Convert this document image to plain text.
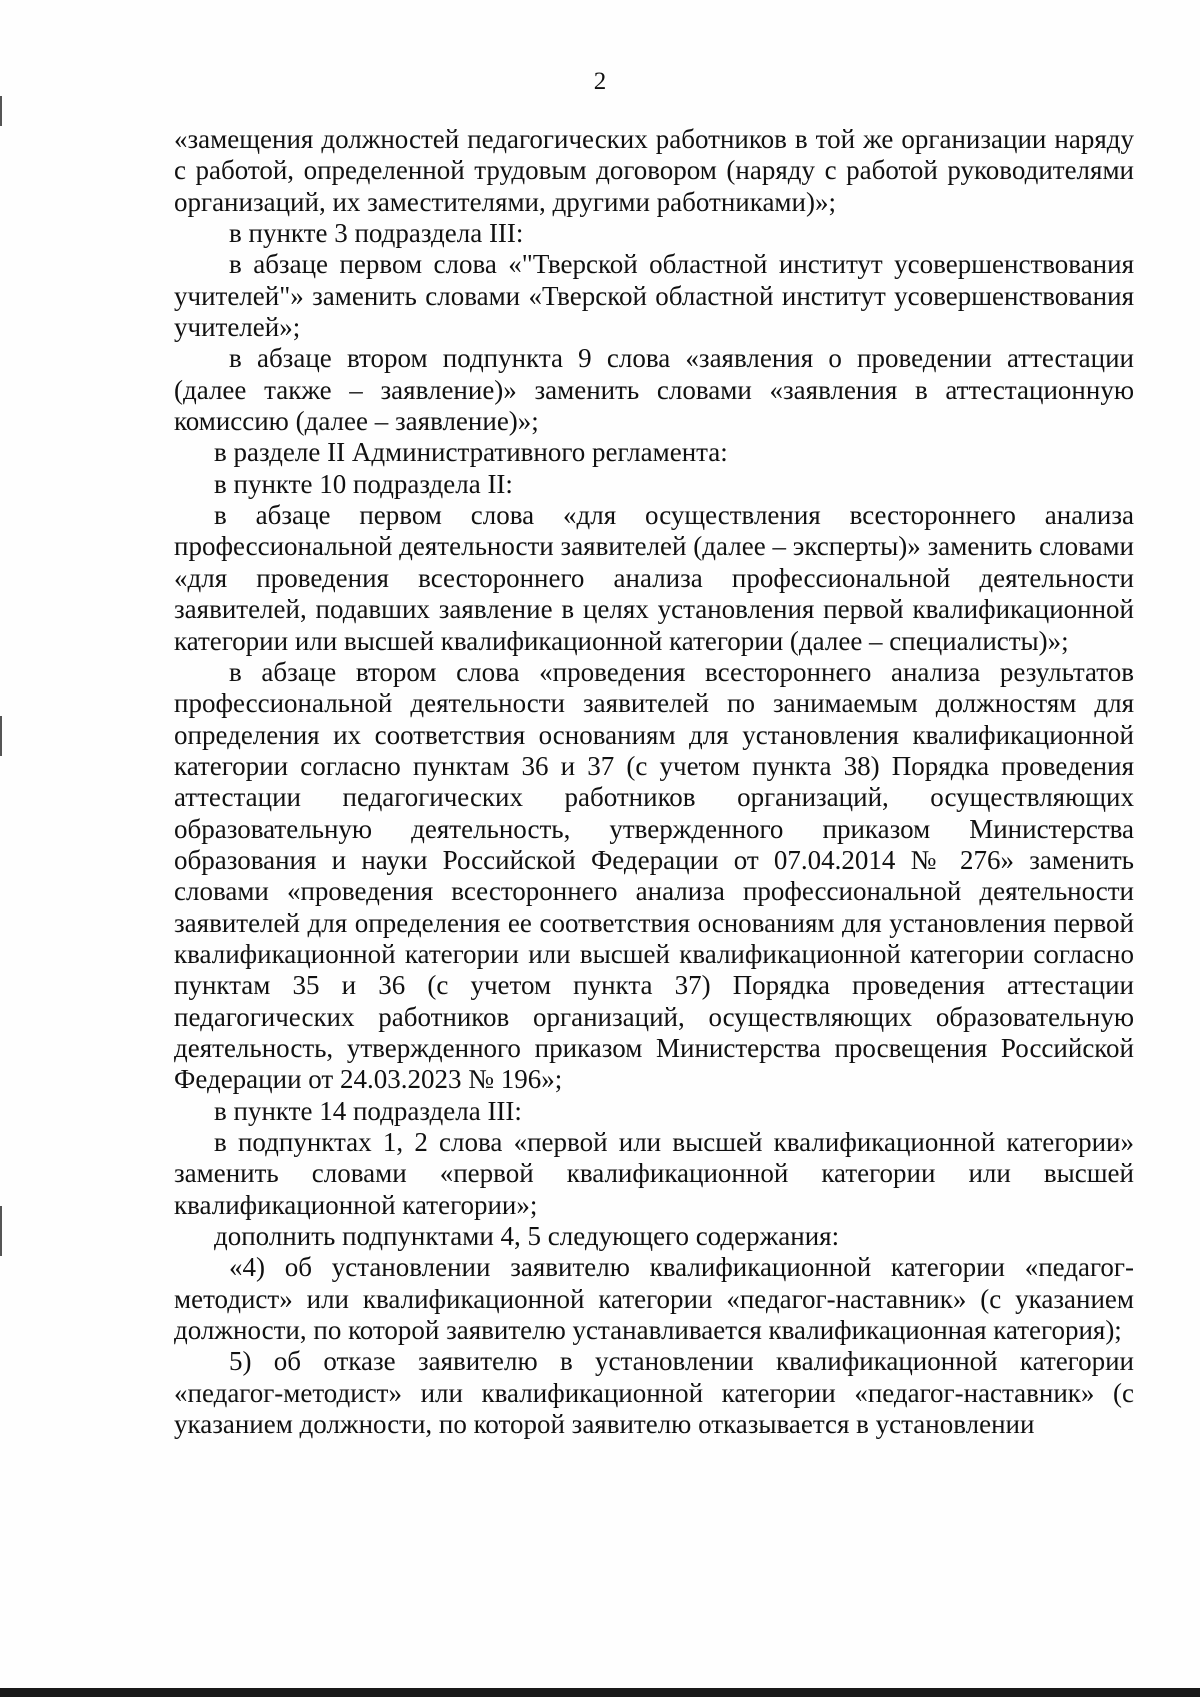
2

«замещения должностей педагогических работников в той же организации наряду с работой, определенной трудовым договором (наряду с работой руководителями организаций, их заместителями, другими работниками)»;

в пункте 3 подраздела III:

в абзаце первом слова «"Тверской областной институт усовершенствования учителей"» заменить словами «Тверской областной институт усовершенствования учителей»;

в абзаце втором подпункта 9 слова «заявления о проведении аттестации (далее также – заявление)» заменить словами «заявления в аттестационную комиссию (далее – заявление)»;

в разделе II Административного регламента:

в пункте 10 подраздела II:

в абзаце первом слова «для осуществления всестороннего анализа профессиональной деятельности заявителей (далее – эксперты)» заменить словами «для проведения всестороннего анализа профессиональной деятельности заявителей, подавших заявление в целях установления первой квалификационной категории или высшей квалификационной категории (далее – специалисты)»;

в абзаце втором слова «проведения всестороннего анализа результатов профессиональной деятельности заявителей по занимаемым должностям для определения их соответствия основаниям для установления квалификационной категории согласно пунктам 36 и 37 (с учетом пункта 38) Порядка проведения аттестации педагогических работников организаций, осуществляющих образовательную деятельность, утвержденного приказом Министерства образования и науки Российской Федерации от 07.04.2014 № 276» заменить словами «проведения всестороннего анализа профессиональной деятельности заявителей для определения ее соответствия основаниям для установления первой квалификационной категории или высшей квалификационной категории согласно пунктам 35 и 36 (с учетом пункта 37) Порядка проведения аттестации педагогических работников организаций, осуществляющих образовательную деятельность, утвержденного приказом Министерства просвещения Российской Федерации от 24.03.2023 № 196»;

в пункте 14 подраздела III:

в подпунктах 1, 2 слова «первой или высшей квалификационной категории» заменить словами «первой квалификационной категории или высшей квалификационной категории»;

дополнить подпунктами 4, 5 следующего содержания:

«4) об установлении заявителю квалификационной категории «педагог-методист» или квалификационной категории «педагог-наставник» (с указанием должности, по которой заявителю устанавливается квалификационная категория);

5) об отказе заявителю в установлении квалификационной категории «педагог-методист» или квалификационной категории «педагог-наставник» (с указанием должности, по которой заявителю отказывается в установлении
